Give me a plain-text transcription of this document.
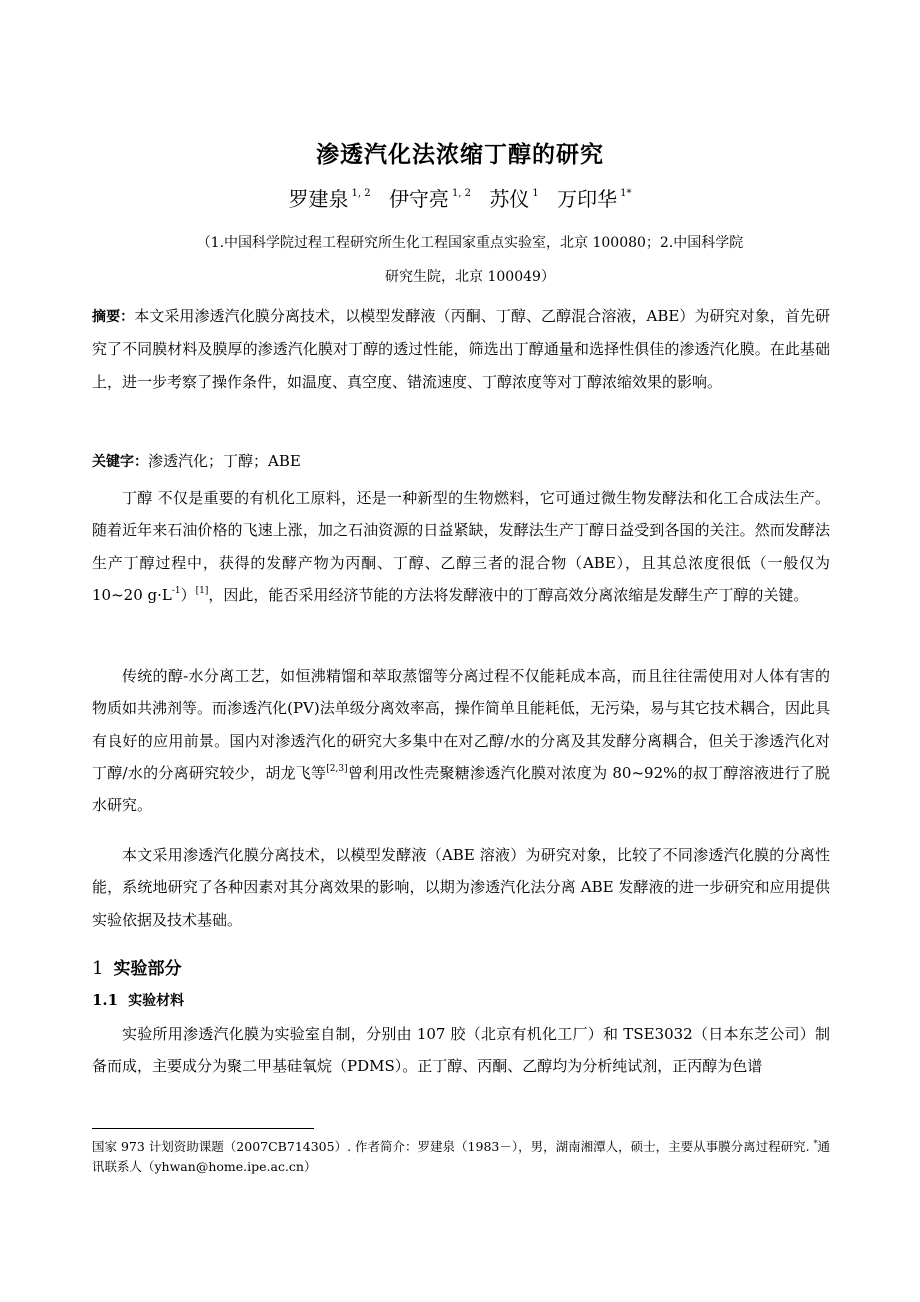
渗透汽化法浓缩丁醇的研究
罗建泉 $^{1, 2}$ 伊守亮 $^{1, 2}$ 苏仪 $^1$ 万印华 $^{1*}$
（1.中国科学院过程工程研究所生化工程国家重点实验室，北京 100080；2.中国科学院
研究生院，北京 100049）

摘要：本文采用渗透汽化膜分离技术，以模型发酵液（丙酮、丁醇、乙醇混合溶液，ABE）为研究对象，首先研究了不同膜材料及膜厚的渗透汽化膜对丁醇的透过性能，筛选出丁醇通量和选择性俱佳的渗透汽化膜。在此基础上，进一步考察了操作条件，如温度、真空度、错流速度、丁醇浓度等对丁醇浓缩效果的影响。

关键字：渗透汽化；丁醇；ABE

丁醇 不仅是重要的有机化工原料，还是一种新型的生物燃料，它可通过微生物发酵法和化工合成法生产。随着近年来石油价格的飞速上涨，加之石油资源的日益紧缺，发酵法生产丁醇日益受到各国的关注。然而发酵法生产丁醇过程中，获得的发酵产物为丙酮、丁醇、乙醇三者的混合物（ABE），且其总浓度很低（一般仅为 10~20 $g\cdot L^{-1})[1]$，因此，能否采用经济节能的方法将发酵液中的丁醇高效分离浓缩是发酵生产丁醇的关键。

传统的醇-水分离工艺，如恒沸精馏和萃取蒸馏等分离过程不仅能耗成本高，而且往往需使用对人体有害的物质如共沸剂等。而渗透汽化(PV)法单级分离效率高，操作简单且能耗低，无污染，易与其它技术耦合，因此具有良好的应用前景。国内对渗透汽化的研究大多集中在对乙醇/水的分离及其发酵分离耦合，但关于渗透汽化对丁醇/水的分离研究较少，胡龙飞等[2,3]曾利用改性壳聚糖渗透汽化膜对浓度为 80~92%的叔丁醇溶液进行了脱水研究。

本文采用渗透汽化膜分离技术，以模型发酵液（ABE 溶液）为研究对象，比较了不同渗透汽化膜的分离性能，系统地研究了各种因素对其分离效果的影响，以期为渗透汽化法分离 ABE 发酵液的进一步研究和应用提供实验依据及技术基础。

1 实验部分
1.1 实验材料

实验所用渗透汽化膜为实验室自制，分别由 107 胶（北京有机化工厂）和 TSE3032（日本东芝公司）制备而成，主要成分为聚二甲基硅氧烷（PDMS）。正丁醇、丙酮、乙醇均为分析纯试剂，正丙醇为色谱

国家 973 计划资助课题（2007CB714305）. 作者简介：罗建泉（1983－），男，湖南湘潭人，硕士，主要从事膜分离过程研究. *通讯联系人（yhwan@home.ipe.ac.cn）
